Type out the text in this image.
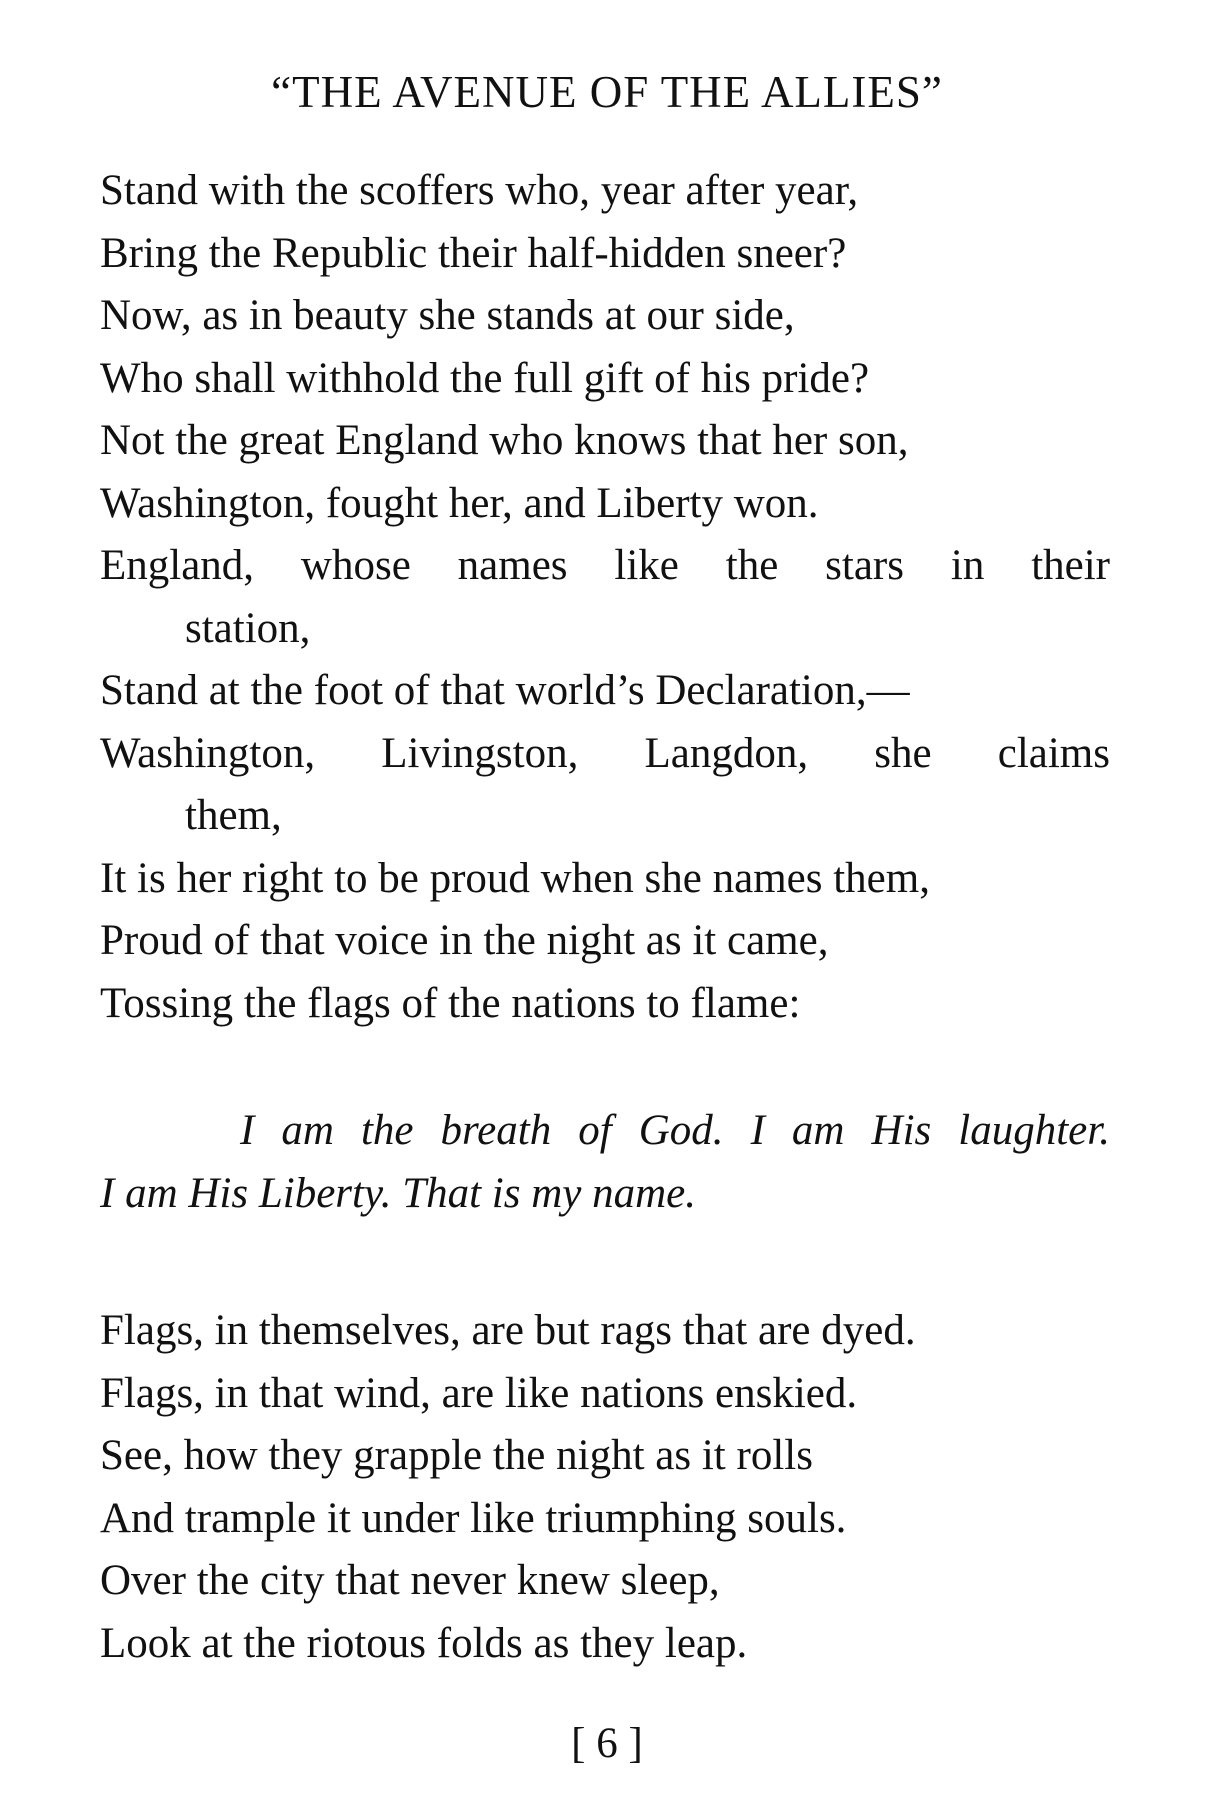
“THE AVENUE OF THE ALLIES”
Stand with the scoffers who, year after year,
Bring the Republic their half-hidden sneer?
Now, as in beauty she stands at our side,
Who shall withhold the full gift of his pride?
Not the great England who knows that her son,
Washington, fought her, and Liberty won.
England, whose names like the stars in their
station,
Stand at the foot of that world’s Declaration,—
Washington, Livingston, Langdon, she claims
them,
It is her right to be proud when she names them,
Proud of that voice in the night as it came,
Tossing the flags of the nations to flame:
I am the breath of God. I am His laughter.
I am His Liberty. That is my name.
Flags, in themselves, are but rags that are dyed.
Flags, in that wind, are like nations enskied.
See, how they grapple the night as it rolls
And trample it under like triumphing souls.
Over the city that never knew sleep,
Look at the riotous folds as they leap.
[ 6 ]
